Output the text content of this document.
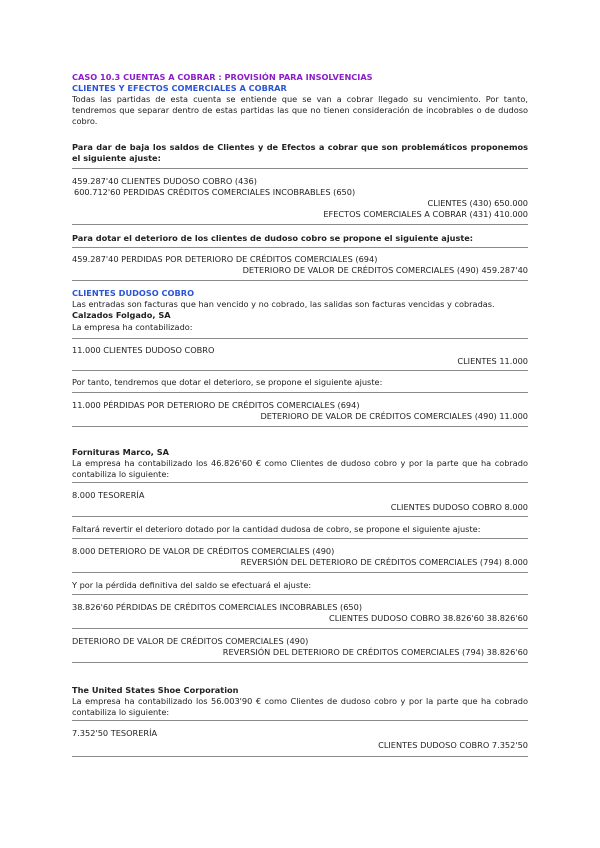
CASO 10.3 CUENTAS A COBRAR : PROVISIÓN PARA INSOLVENCIAS
CLIENTES Y EFECTOS COMERCIALES A COBRAR
Todas las partidas de esta cuenta se entiende que se van a cobrar llegado su vencimiento. Por tanto, tendremos que separar dentro de estas partidas las que no tienen consideración de incobrables o de dudoso cobro.
Para dar de baja los saldos de Clientes y de Efectos a cobrar que son problemáticos proponemos el siguiente ajuste:
459.287'40 CLIENTES DUDOSO COBRO (436)
600.712'60 PERDIDAS CRÉDITOS COMERCIALES INCOBRABLES (650)
CLIENTES (430) 650.000
EFECTOS COMERCIALES A COBRAR (431) 410.000
Para dotar el deterioro de los clientes de dudoso cobro se propone el siguiente ajuste:
459.287'40 PERDIDAS POR DETERIORO DE CRÉDITOS COMERCIALES (694)
DETERIORO DE VALOR DE CRÉDITOS COMERCIALES (490) 459.287'40
CLIENTES DUDOSO COBRO
Las entradas son facturas que han vencido y no cobrado, las salidas son facturas vencidas y cobradas.
Calzados Folgado, SA
La empresa ha contabilizado:
11.000 CLIENTES DUDOSO COBRO
CLIENTES 11.000
Por tanto, tendremos que dotar el deterioro, se propone el siguiente ajuste:
11.000 PÉRDIDAS POR DETERIORO DE CRÉDITOS COMERCIALES (694)
DETERIORO DE VALOR DE CRÉDITOS COMERCIALES (490) 11.000
Fornituras Marco, SA
La empresa ha contabilizado los 46.826'60 € como Clientes de dudoso cobro y por la parte que ha cobrado contabiliza lo siguiente:
8.000 TESORERÍA
CLIENTES DUDOSO COBRO 8.000
Faltará revertir el deterioro dotado por la cantidad dudosa de cobro, se propone el siguiente ajuste:
8.000 DETERIORO DE VALOR DE CRÉDITOS COMERCIALES (490)
REVERSIÓN DEL DETERIORO DE CRÉDITOS COMERCIALES (794) 8.000
Y por la pérdida definitiva del saldo se efectuará el ajuste:
38.826'60 PÉRDIDAS DE CRÉDITOS COMERCIALES INCOBRABLES (650)
CLIENTES DUDOSO COBRO 38.826'60 38.826'60
DETERIORO DE VALOR DE CRÉDITOS COMERCIALES (490)
REVERSIÓN DEL DETERIORO DE CRÉDITOS COMERCIALES (794) 38.826'60
The United States Shoe Corporation
La empresa ha contabilizado los 56.003'90 € como Clientes de dudoso cobro y por la parte que ha cobrado contabiliza lo siguiente:
7.352'50 TESORERÍA
CLIENTES DUDOSO COBRO 7.352'50
